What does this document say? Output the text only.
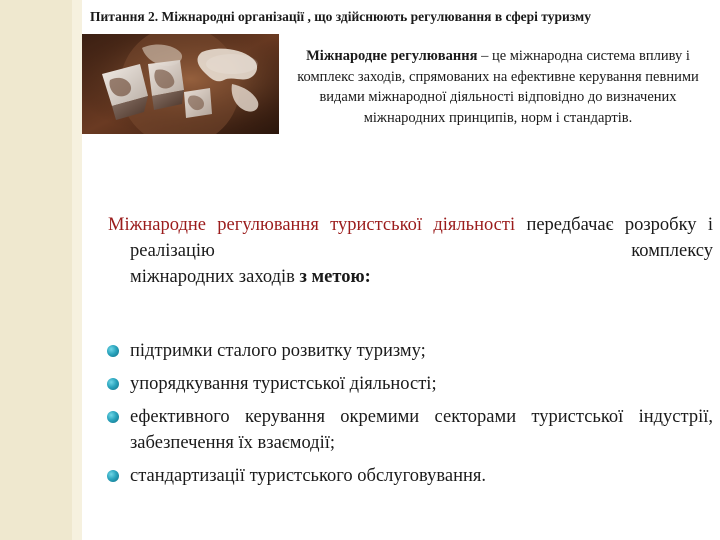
Питання 2. Міжнародні організації , що здійснюють регулювання в сфері туризму
Міжнародне регулювання – це міжнародна система впливу і комплекс заходів, спрямованих на ефективне керування певними видами міжнародної діяльності відповідно до визначених міжнародних принципів, норм і стандартів.

Міжнародне регулювання туристської діяльності передбачає розробку і реалізацію комплексу

міжнародних заходів з метою:
підтримки сталого розвитку туризму;
упорядкування туристської діяльності;
ефективного керування окремими секторами туристської індустрії, забезпечення їх взаємодії;
стандартизації туристського обслуговування.
